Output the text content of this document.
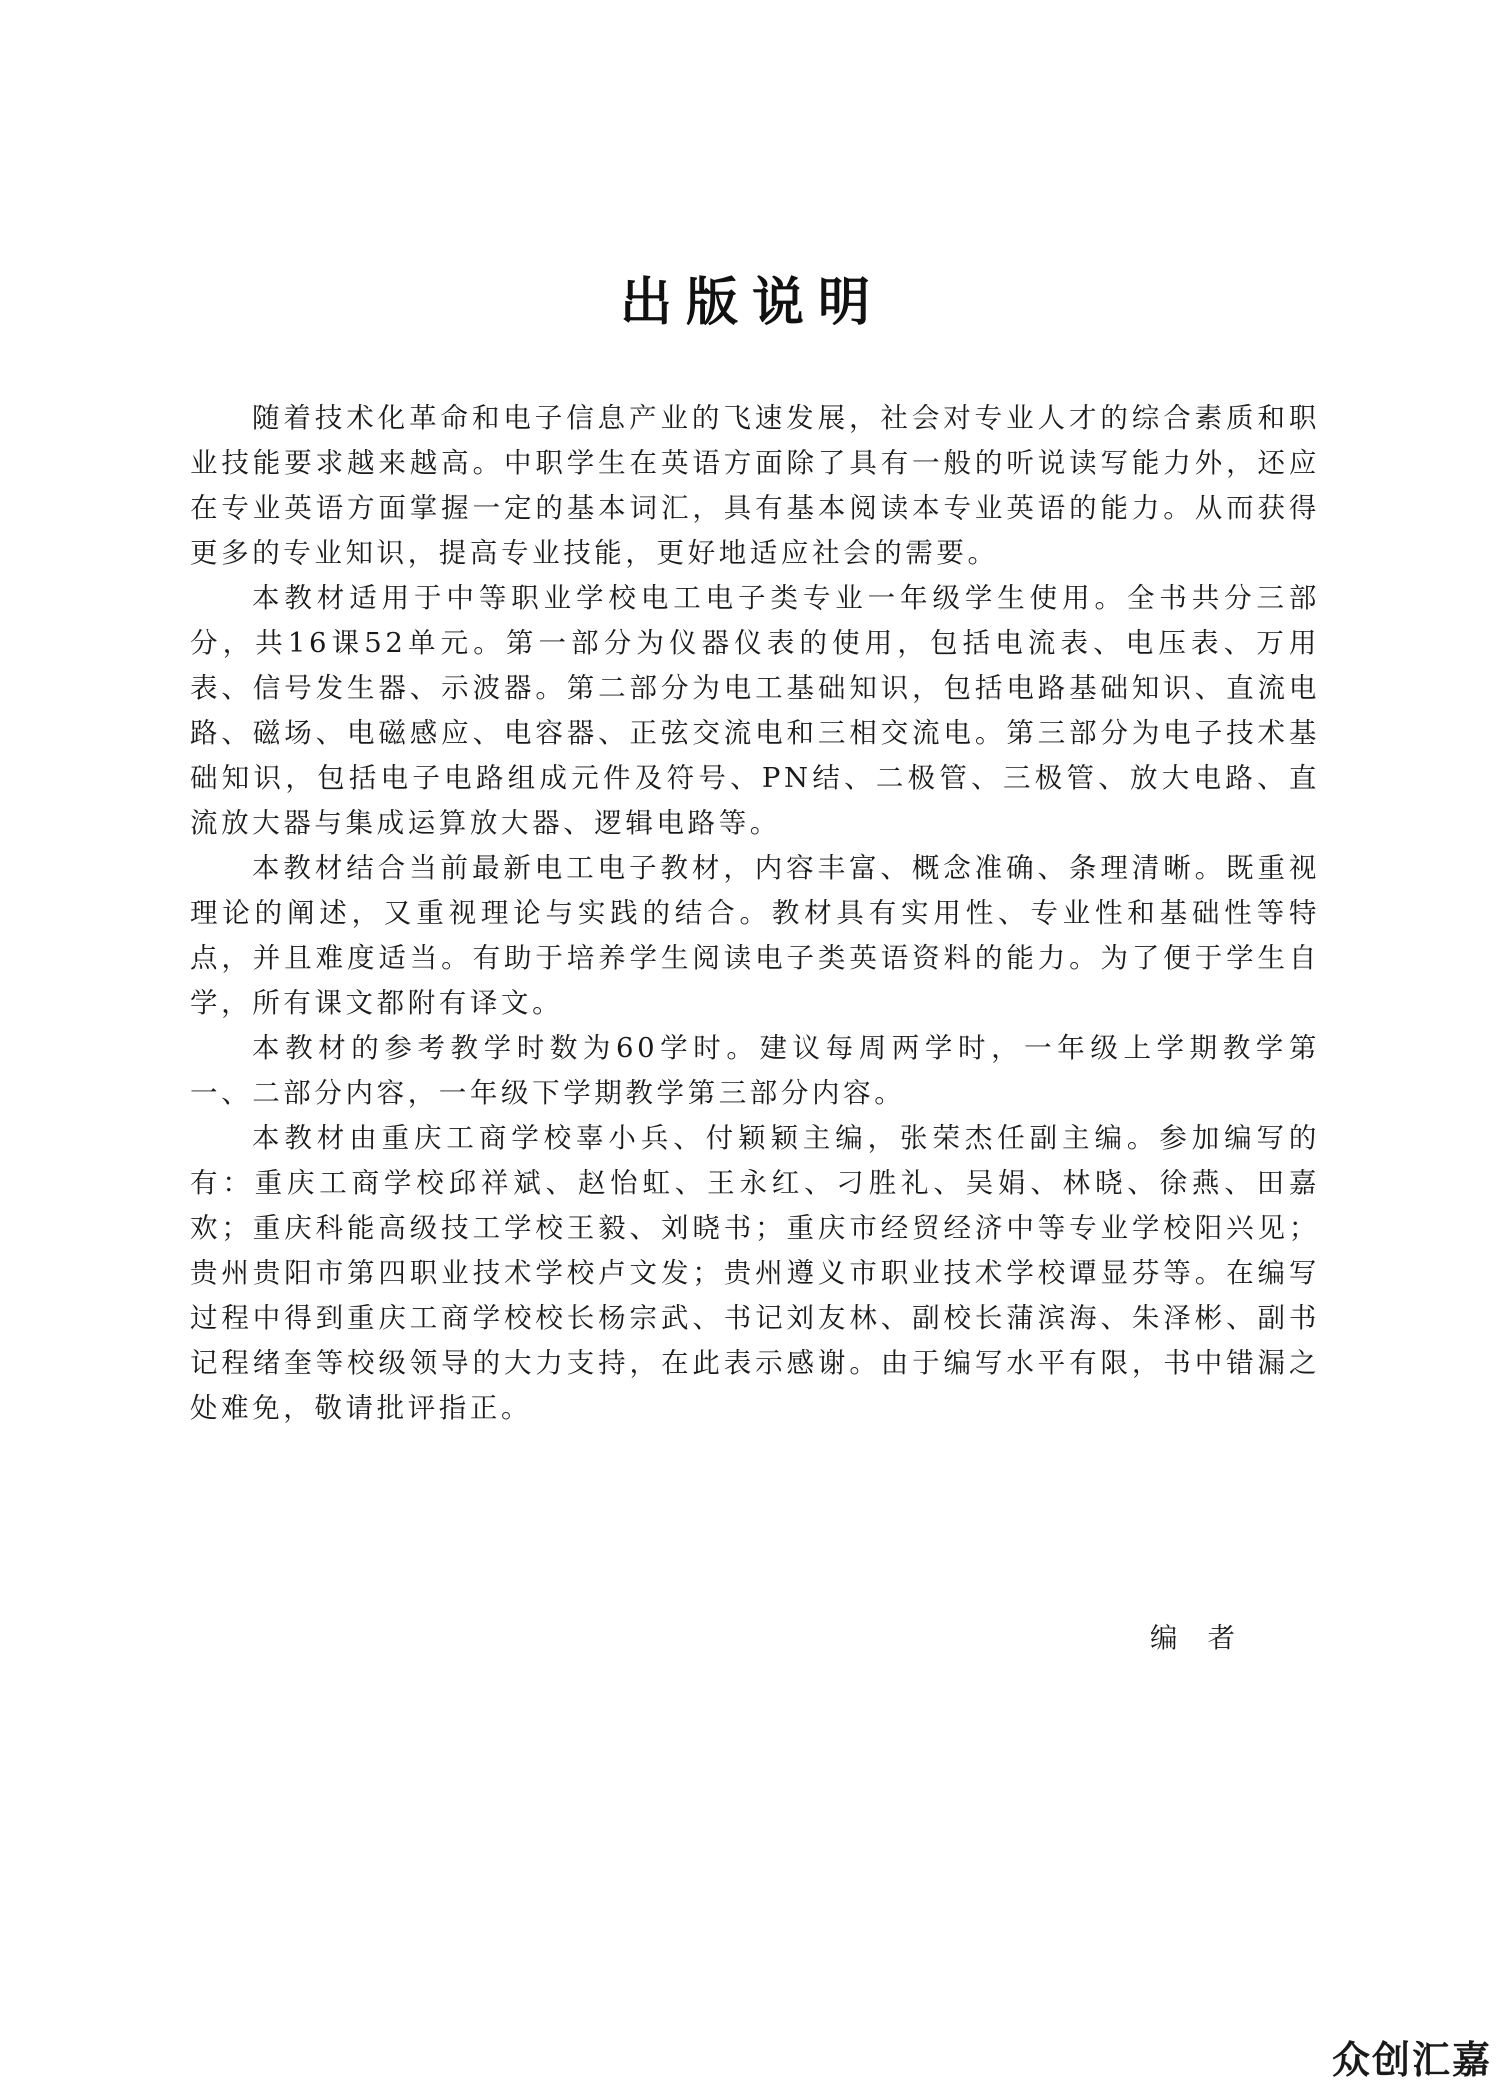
出版说明

随着技术化革命和电子信息产业的飞速发展，社会对专业人才的综合素质和职业技能要求越来越高。中职学生在英语方面除了具有一般的听说读写能力外，还应在专业英语方面掌握一定的基本词汇，具有基本阅读本专业英语的能力。从而获得更多的专业知识，提高专业技能，更好地适应社会的需要。

本教材适用于中等职业学校电工电子类专业一年级学生使用。全书共分三部分，共16课52单元。第一部分为仪器仪表的使用，包括电流表、电压表、万用表、信号发生器、示波器。第二部分为电工基础知识，包括电路基础知识、直流电路、磁场、电磁感应、电容器、正弦交流电和三相交流电。第三部分为电子技术基础知识，包括电子电路组成元件及符号、PN结、二极管、三极管、放大电路、直流放大器与集成运算放大器、逻辑电路等。

本教材结合当前最新电工电子教材，内容丰富、概念准确、条理清晰。既重视理论的阐述，又重视理论与实践的结合。教材具有实用性、专业性和基础性等特点，并且难度适当。有助于培养学生阅读电子类英语资料的能力。为了便于学生自学，所有课文都附有译文。

本教材的参考教学时数为60学时。建议每周两学时，一年级上学期教学第一、二部分内容，一年级下学期教学第三部分内容。

本教材由重庆工商学校辜小兵、付颖颖主编，张荣杰任副主编。参加编写的有：重庆工商学校邱祥斌、赵怡虹、王永红、刁胜礼、吴娟、林晓、徐燕、田嘉欢；重庆科能高级技工学校王毅、刘晓书；重庆市经贸经济中等专业学校阳兴见；贵州贵阳市第四职业技术学校卢文发；贵州遵义市职业技术学校谭显芬等。在编写过程中得到重庆工商学校校长杨宗武、书记刘友林、副校长蒲滨海、朱泽彬、副书记程绪奎等校级领导的大力支持，在此表示感谢。由于编写水平有限，书中错漏之处难免，敬请批评指正。

编者
众创汇嘉
